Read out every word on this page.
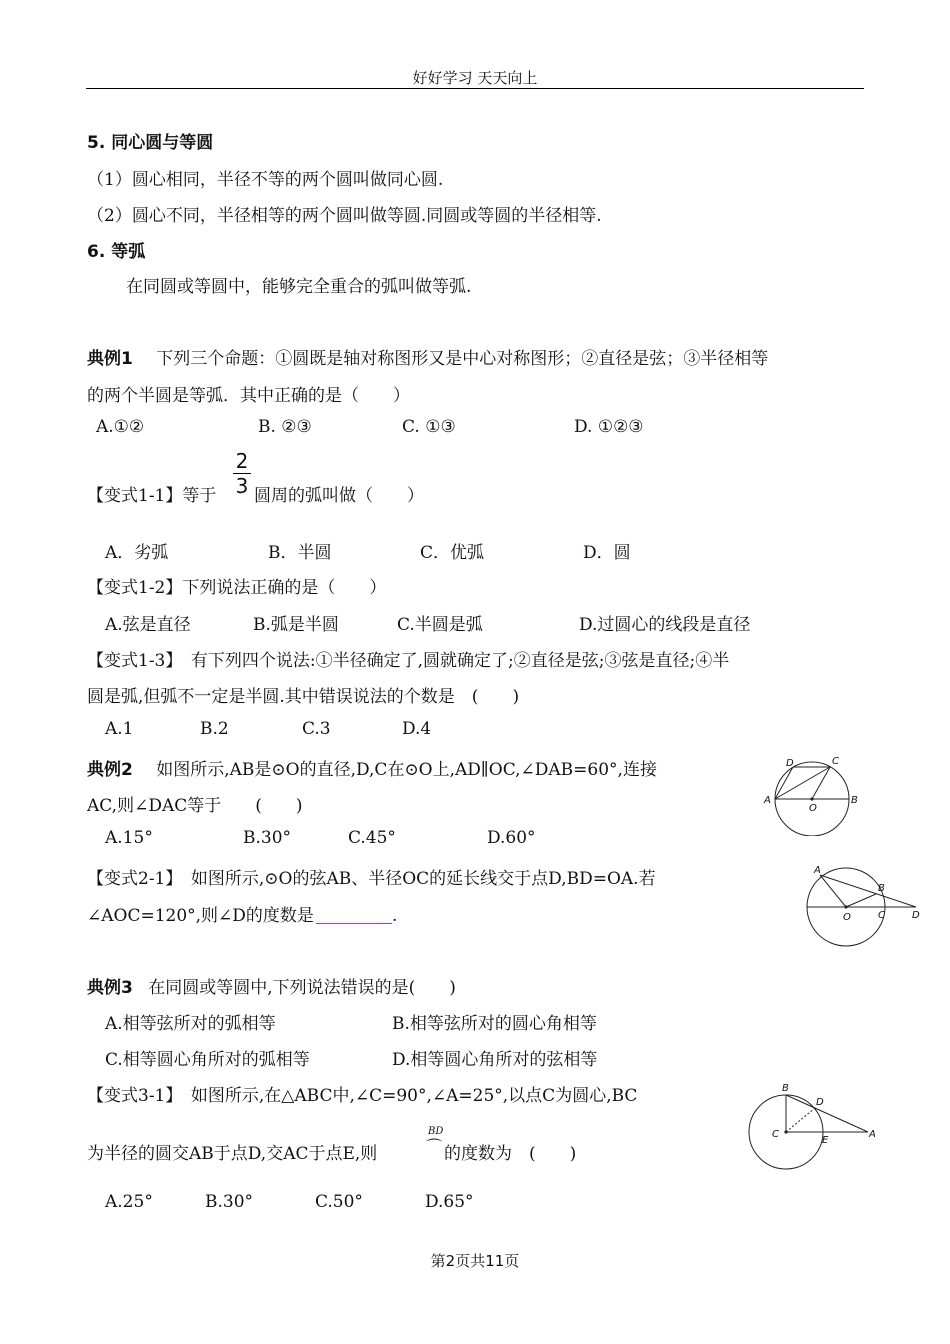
好好学习 天天向上
5. 同心圆与等圆
（1）圆心相同，半径不等的两个圆叫做同心圆.
（2）圆心不同，半径相等的两个圆叫做等圆.同圆或等圆的半径相等.
6. 等弧
在同圆或等圆中，能够完全重合的弧叫做等弧.
典例1 下列三个命题：①圆既是轴对称图形又是中心对称图形；②直径是弦；③半径相等
的两个半圆是等弧．其中正确的是（　　）
A.①②	B. ②③	C. ①③	D. ①②③
【变式1-1】等于
2
3 圆周的弧叫做（　　）
A．劣弧	B．半圆	C．优弧	D．圆
【变式1-2】下列说法正确的是（　　）
A.弦是直径	B.弧是半圆	C.半圆是弧	D.过圆心的线段是直径
【变式1-3】　有下列四个说法:①半径确定了,圆就确定了;②直径是弦;③弦是直径;④半
圆是弧,但弧不一定是半圆.其中错误说法的个数是　(　　)
A.1	B.2	C.3	D.4
典例2 如图所示,AB是⊙O的直径,D,C在⊙O上,AD∥OC,∠DAB=60°,连接
AC,则∠DAC等于　　(　　)
A.15°	B.30°	C.45°	D.60°
D	C
A
O
B
【变式2-1】　如图所示,⊙O的弦AB、半径OC的延长线交于点D,BD=OA.若
∠AOC=120°,则∠D的度数是	.
A
B
O	C	D
典例3 在同圆或等圆中,下列说法错误的是(　　)
A.相等弦所对的弧相等	B.相等弦所对的圆心角相等
C.相等圆心角所对的弧相等	D.相等圆心角所对的弦相等
【变式3-1】　如图所示,在△ABC中,∠C=90°,∠A=25°,以点C为圆心,BC
为半径的圆交AB于点D,交AC于点E,则
BD
⌒ 的度数为　(　　)
A.25°	B.30°	C.50°	D.65°
B
D
C
E
A
第2页共11页
